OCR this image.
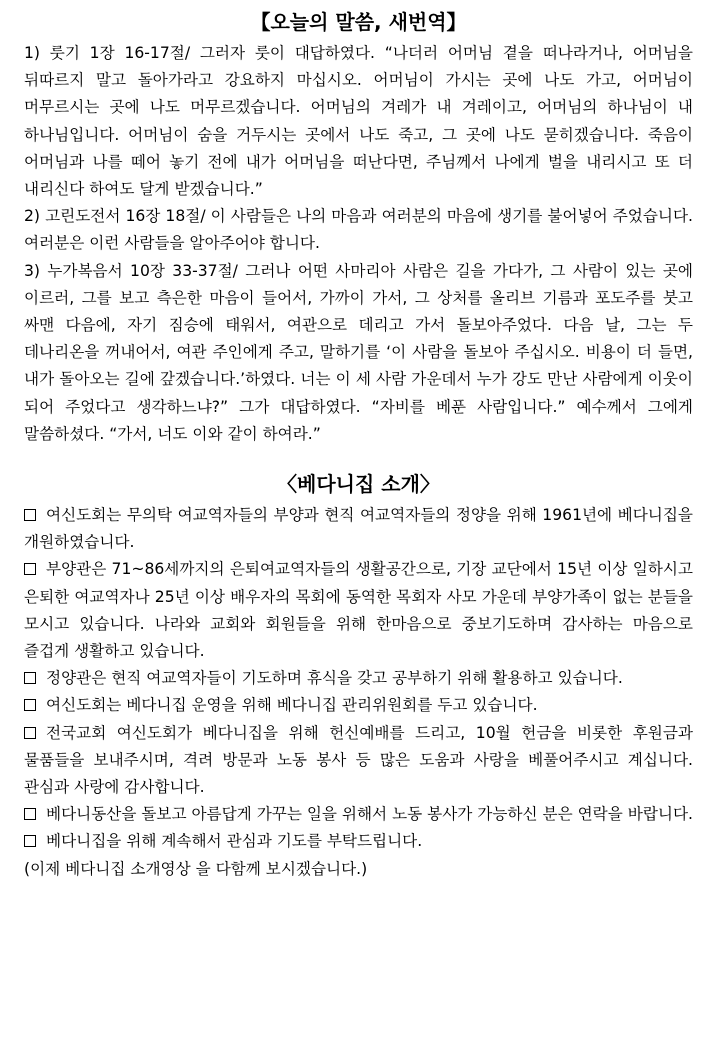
【오늘의 말씀, 새번역】

1) 룻기 1장 16-17절/ 그러자 룻이 대답하였다. “나더러 어머님 곁을 떠나라거나, 어머님을 뒤따르지 말고 돌아가라고 강요하지 마십시오. 어머님이 가시는 곳에 나도 가고, 어머님이 머무르시는 곳에 나도 머무르겠습니다. 어머님의 겨레가 내 겨레이고, 어머님의 하나님이 내 하나님입니다. 어머님이 숨을 거두시는 곳에서 나도 죽고, 그 곳에 나도 묻히겠습니다. 죽음이 어머님과 나를 떼어 놓기 전에 내가 어머님을 떠난다면, 주님께서 나에게 벌을 내리시고 또 더 내리신다 하여도 달게 받겠습니다.”

2) 고린도전서 16장 18절/ 이 사람들은 나의 마음과 여러분의 마음에 생기를 불어넣어 주었습니다. 여러분은 이런 사람들을 알아주어야 합니다.

3) 누가복음서 10장 33-37절/ 그러나 어떤 사마리아 사람은 길을 가다가, 그 사람이 있는 곳에 이르러, 그를 보고 측은한 마음이 들어서, 가까이 가서, 그 상처를 올리브 기름과 포도주를 붓고 싸맨 다음에, 자기 짐승에 태워서, 여관으로 데리고 가서 돌보아주었다. 다음 날, 그는 두 데나리온을 꺼내어서, 여관 주인에게 주고, 말하기를 ‘이 사람을 돌보아 주십시오. 비용이 더 들면, 내가 돌아오는 길에 갚겠습니다.’하였다. 너는 이 세 사람 가운데서 누가 강도 만난 사람에게 이웃이 되어 주었다고 생각하느냐?” 그가 대답하였다. “자비를 베푼 사람입니다.” 예수께서 그에게 말씀하셨다. “가서, 너도 이와 같이 하여라.”

〈베다니집 소개〉

여신도회는 무의탁 여교역자들의 부양과 현직 여교역자들의 정양을 위해 1961년에 베다니집을 개원하였습니다.

부양관은 71~86세까지의 은퇴여교역자들의 생활공간으로, 기장 교단에서 15년 이상 일하시고 은퇴한 여교역자나 25년 이상 배우자의 목회에 동역한 목회자 사모 가운데 부양가족이 없는 분들을 모시고 있습니다. 나라와 교회와 회원들을 위해 한마음으로 중보기도하며 감사하는 마음으로 즐겁게 생활하고 있습니다.

정양관은 현직 여교역자들이 기도하며 휴식을 갖고 공부하기 위해 활용하고 있습니다.

여신도회는 베다니집 운영을 위해 베다니집 관리위원회를 두고 있습니다.

전국교회 여신도회가 베다니집을 위해 헌신예배를 드리고, 10월 헌금을 비롯한 후원금과 물품들을 보내주시며, 격려 방문과 노동 봉사 등 많은 도움과 사랑을 베풀어주시고 계십니다. 관심과 사랑에 감사합니다.

베다니동산을 돌보고 아름답게 가꾸는 일을 위해서 노동 봉사가 가능하신 분은 연락을 바랍니다.

베다니집을 위해 계속해서 관심과 기도를 부탁드립니다.

(이제 베다니집 소개영상 을 다함께 보시겠습니다.)
